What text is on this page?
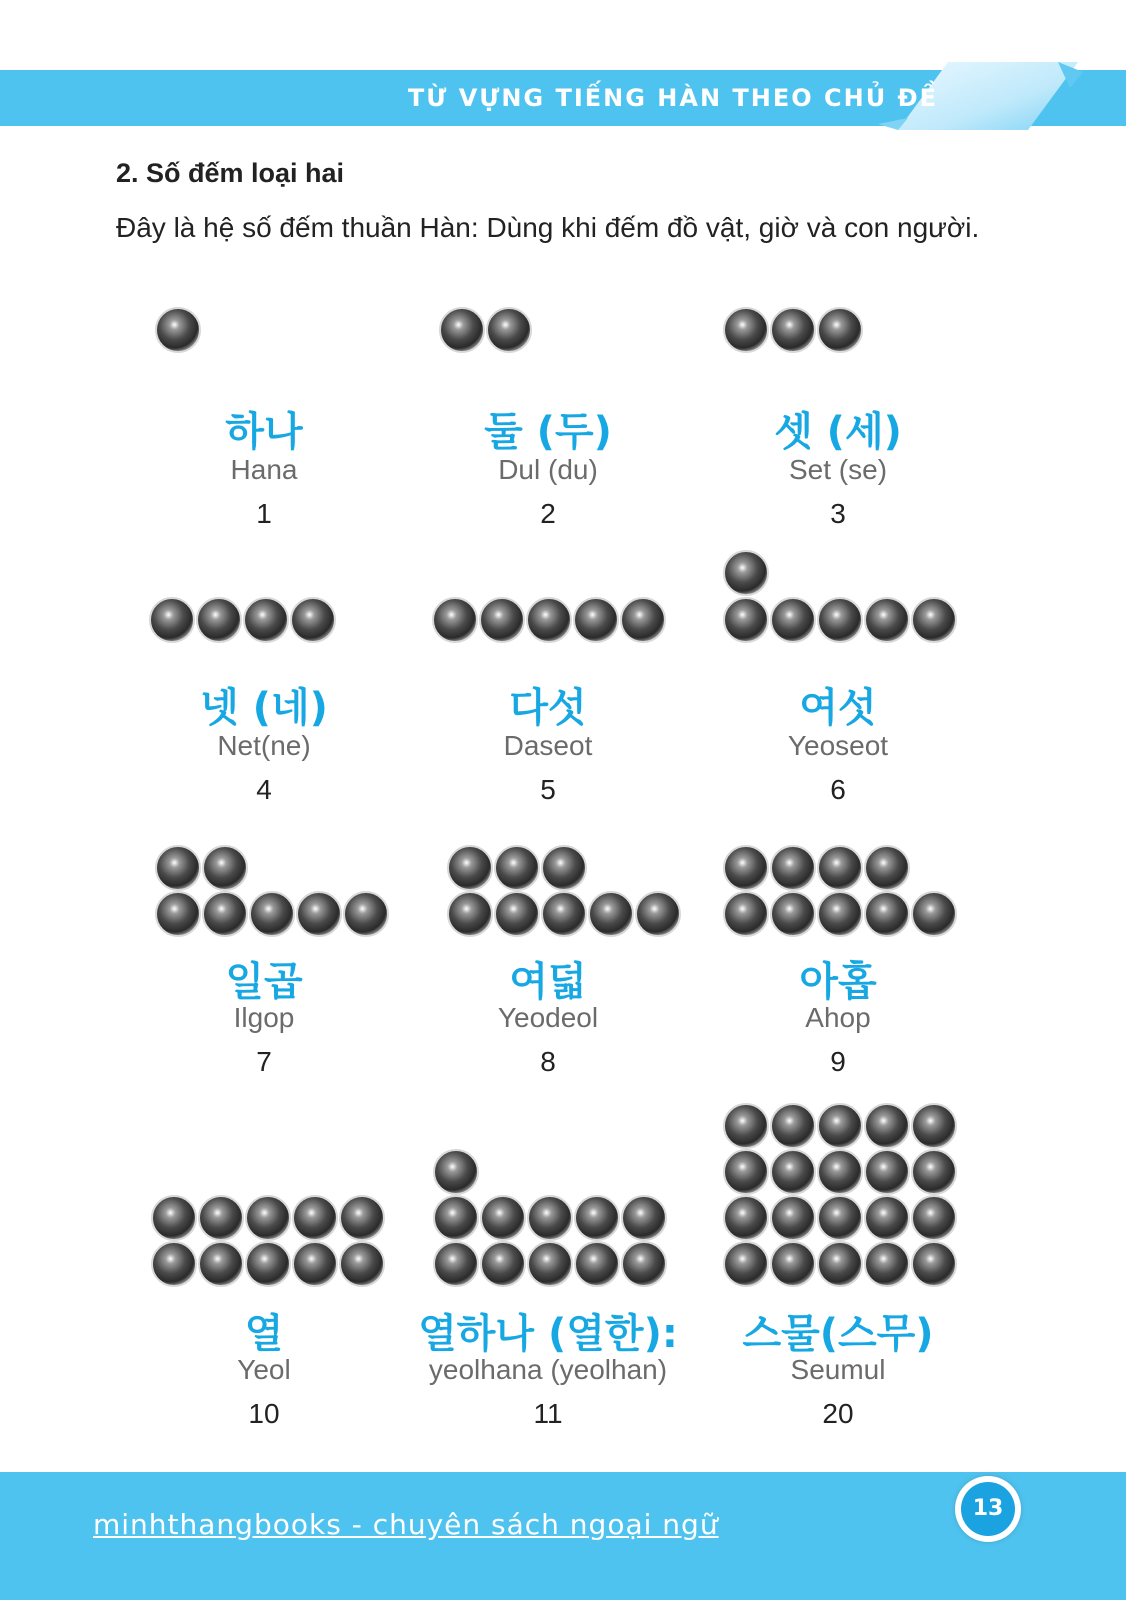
TỪ VỰNG TIẾNG HÀN THEO CHỦ ĐỀ
2. Số đếm loại hai
Đây là hệ số đếm thuần Hàn: Dùng khi đếm đồ vật, giờ và con người.
하나
Hana
1
둘 (두)
Dul (du)
2
셋 (세)
Set (se)
3
넷 (네)
Net(ne)
4
다섯
Daseot
5
여섯
Yeoseot
6
일곱
Ilgop
7
여덟
Yeodeol
8
아홉
Ahop
9
열
Yeol
10
열하나 (열한):
yeolhana (yeolhan)
11
스물(스무)
Seumul
20
minhthangbooks - chuyên sách ngoại ngữ	13
